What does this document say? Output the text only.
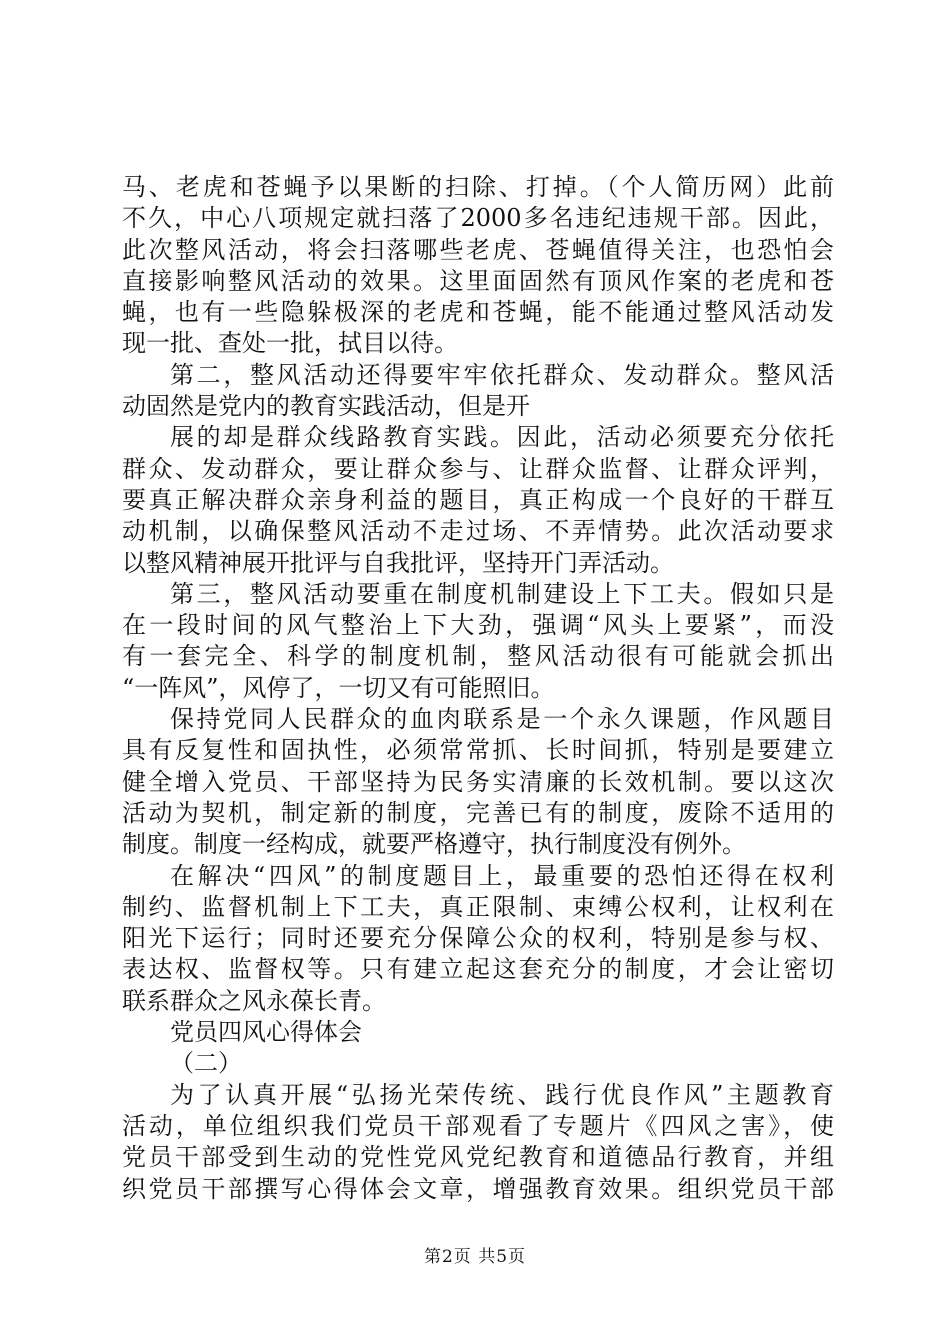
马、老虎和苍蝇予以果断的扫除、打掉。（个人简历网）此前
不久，中心八项规定就扫落了2000多名违纪违规干部。因此，
此次整风活动，将会扫落哪些老虎、苍蝇值得关注，也恐怕会
直接影响整风活动的效果。这里面固然有顶风作案的老虎和苍
蝇，也有一些隐躲极深的老虎和苍蝇，能不能通过整风活动发
现一批、查处一批，拭目以待。
第二，整风活动还得要牢牢依托群众、发动群众。整风活
动固然是党内的教育实践活动，但是开
展的却是群众线路教育实践。因此，活动必须要充分依托
群众、发动群众，要让群众参与、让群众监督、让群众评判，
要真正解决群众亲身利益的题目，真正构成一个良好的干群互
动机制，以确保整风活动不走过场、不弄情势。此次活动要求
以整风精神展开批评与自我批评，坚持开门弄活动。
第三，整风活动要重在制度机制建设上下工夫。假如只是
在一段时间的风气整治上下大劲，强调“风头上要紧”，而没
有一套完全、科学的制度机制，整风活动很有可能就会抓出
“一阵风”，风停了，一切又有可能照旧。
保持党同人民群众的血肉联系是一个永久课题，作风题目
具有反复性和固执性，必须常常抓、长时间抓，特别是要建立
健全增入党员、干部坚持为民务实清廉的长效机制。要以这次
活动为契机，制定新的制度，完善已有的制度，废除不适用的
制度。制度一经构成，就要严格遵守，执行制度没有例外。
在解决“四风”的制度题目上，最重要的恐怕还得在权利
制约、监督机制上下工夫，真正限制、束缚公权利，让权利在
阳光下运行；同时还要充分保障公众的权利，特别是参与权、
表达权、监督权等。只有建立起这套充分的制度，才会让密切
联系群众之风永葆长青。
党员四风心得体会
（二）
为了认真开展“弘扬光荣传统、践行优良作风”主题教育
活动，单位组织我们党员干部观看了专题片《四风之害》，使
党员干部受到生动的党性党风党纪教育和道德品行教育，并组
织党员干部撰写心得体会文章，增强教育效果。组织党员干部
第2页 共5页
